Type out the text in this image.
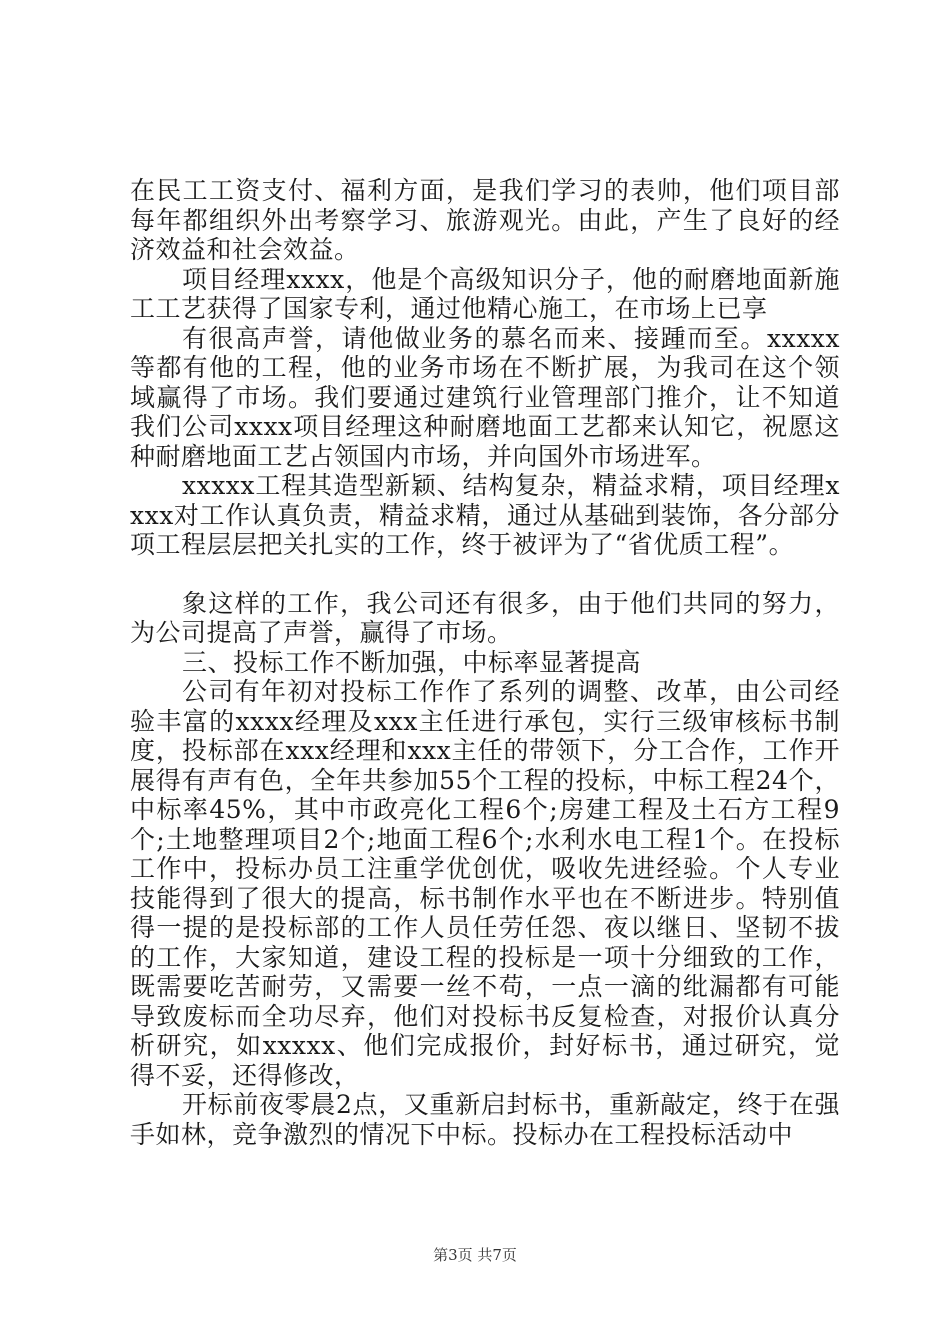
在民工工资支付、福利方面，是我们学习的表帅，他们项目部每年都组织外出考察学习、旅游观光。由此，产生了良好的经济效益和社会效益。

项目经理xxxx，他是个高级知识分子，他的耐磨地面新施工工艺获得了国家专利，通过他精心施工，在市场上已享

有很高声誉，请他做业务的慕名而来、接踵而至。xxxxx等都有他的工程，他的业务市场在不断扩展，为我司在这个领域赢得了市场。我们要通过建筑行业管理部门推介，让不知道我们公司xxxx项目经理这种耐磨地面工艺都来认知它，祝愿这种耐磨地面工艺占领国内市场，并向国外市场进军。

xxxxx工程其造型新颖、结构复杂，精益求精，项目经理xxxx对工作认真负责，精益求精，通过从基础到装饰，各分部分项工程层层把关扎实的工作，终于被评为了“省优质工程”。

象这样的工作，我公司还有很多，由于他们共同的努力，为公司提高了声誉，赢得了市场。

三、投标工作不断加强，中标率显著提高

公司有年初对投标工作作了系列的调整、改革，由公司经验丰富的xxxx经理及xxx主任进行承包，实行三级审核标书制度，投标部在xxx经理和xxx主任的带领下，分工合作，工作开展得有声有色，全年共参加55个工程的投标，中标工程24个，中标率45%，其中市政亮化工程6个;房建工程及土石方工程9个;土地整理项目2个;地面工程6个;水利水电工程1个。在投标工作中，投标办员工注重学优创优，吸收先进经验。个人专业技能得到了很大的提高，标书制作水平也在不断进步。特别值得一提的是投标部的工作人员任劳任怨、夜以继日、坚韧不拔的工作，大家知道，建设工程的投标是一项十分细致的工作，既需要吃苦耐劳，又需要一丝不苟，一点一滴的纰漏都有可能导致废标而全功尽弃，他们对投标书反复检查，对报价认真分析研究，如xxxxx、他们完成报价，封好标书，通过研究，觉得不妥，还得修改，

开标前夜零晨2点，又重新启封标书，重新敲定，终于在强手如林，竞争激烈的情况下中标。投标办在工程投标活动中

第3页 共7页
